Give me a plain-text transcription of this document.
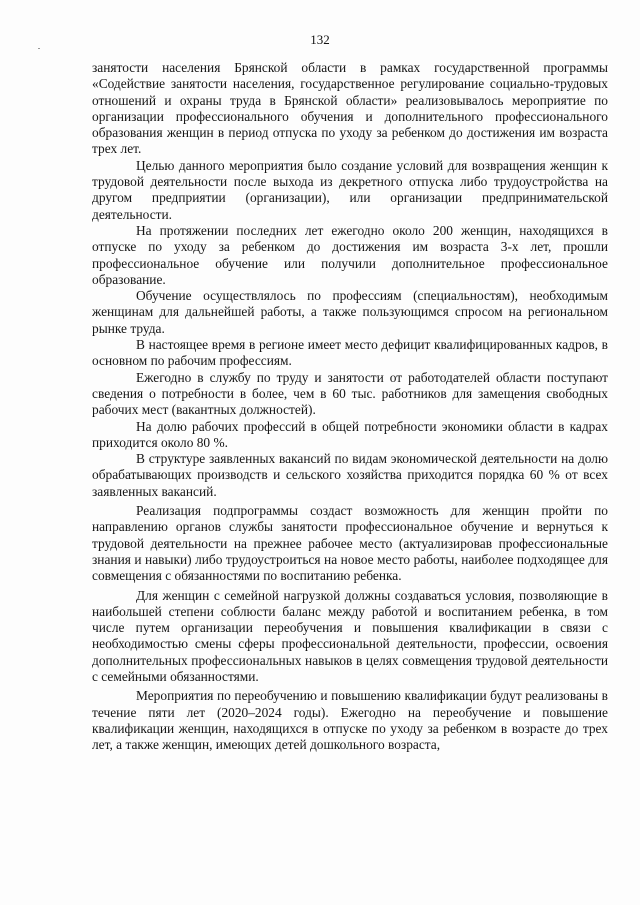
132

занятости населения Брянской области в рамках государственной программы «Содействие занятости населения, государственное регулирование социально-трудовых отношений и охраны труда в Брянской области» реализовывалось мероприятие по организации профессионального обучения и дополнительного профессионального образования женщин в период отпуска по уходу за ребенком до достижения им возраста трех лет.

Целью данного мероприятия было создание условий для возвращения женщин к трудовой деятельности после выхода из декретного отпуска либо трудоустройства на другом предприятии (организации), или организации предпринимательской деятельности.

На протяжении последних лет ежегодно около 200 женщин, находящихся в отпуске по уходу за ребенком до достижения им возраста 3-х лет, прошли профессиональное обучение или получили дополнительное профессиональное образование.

Обучение осуществлялось по профессиям (специальностям), необходимым женщинам для дальнейшей работы, а также пользующимся спросом на региональном рынке труда.

В настоящее время в регионе имеет место дефицит квалифицированных кадров, в основном по рабочим профессиям.

Ежегодно в службу по труду и занятости от работодателей области поступают сведения о потребности в более, чем в 60 тыс. работников для замещения свободных рабочих мест (вакантных должностей).

На долю рабочих профессий в общей потребности экономики области в кадрах приходится около 80 %.

В структуре заявленных вакансий по видам экономической деятельности на долю обрабатывающих производств и сельского хозяйства приходится порядка 60 % от всех заявленных вакансий.

Реализация подпрограммы создаст возможность для женщин пройти по направлению органов службы занятости профессиональное обучение и вернуться к трудовой деятельности на прежнее рабочее место (актуализировав профессиональные знания и навыки) либо трудоустроиться на новое место работы, наиболее подходящее для совмещения с обязанностями по воспитанию ребенка.

Для женщин с семейной нагрузкой должны создаваться условия, позволяющие в наибольшей степени соблюсти баланс между работой и воспитанием ребенка, в том числе путем организации переобучения и повышения квалификации в связи с необходимостью смены сферы профессиональной деятельности, профессии, освоения дополнительных профессиональных навыков в целях совмещения трудовой деятельности с семейными обязанностями.

Мероприятия по переобучению и повышению квалификации будут реализованы в течение пяти лет (2020–2024 годы). Ежегодно на переобучение и повышение квалификации женщин, находящихся в отпуске по уходу за ребенком в возрасте до трех лет, а также женщин, имеющих детей дошкольного возраста,
